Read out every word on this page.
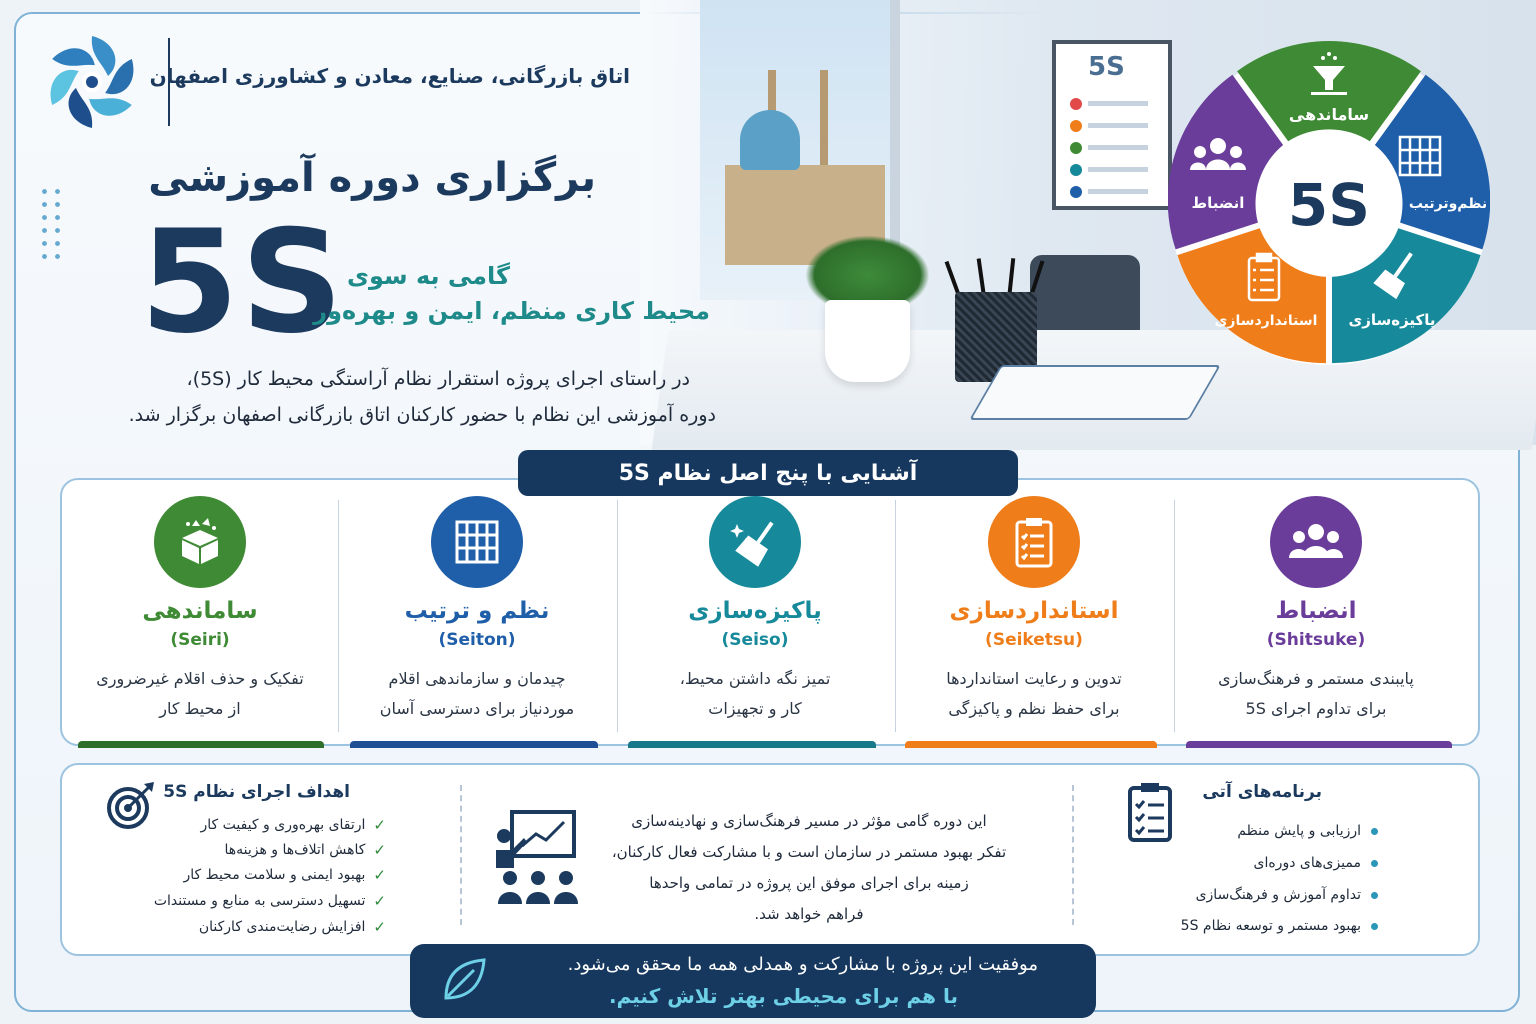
5S
اتاق بازرگانی، صنایع، معادن و کشاورزی اصفهان
برگزاری دوره آموزشی
5S گامی به سوی
محیط کاری منظم، ایمن و بهره‌ور
در راستای اجرای پروژه استقرار نظام آراستگی محیط کار (5S)،
دوره آموزشی این نظام با حضور کارکنان اتاق بازرگانی اصفهان برگزار شد.
5S
ساماندهی
نظم‌وترتیب
پاکیزه‌سازی
استانداردسازی
انضباط
آشنایی با پنج اصل نظام 5S
ساماندهی
(Seiri)
تفکیک و حذف اقلام غیرضروری
از محیط کار
نظم و ترتیب
(Seiton)
چیدمان و سازماندهی اقلام
موردنیاز برای دسترسی آسان
پاکیزه‌سازی
(Seiso)
تمیز نگه داشتن محیط،
کار و تجهیزات
استانداردسازی
(Seiketsu)
تدوین و رعایت استانداردها
برای حفظ نظم و پاکیزگی
انضباط
(Shitsuke)
پایبندی مستمر و فرهنگ‌سازی
برای تداوم اجرای 5S
اهداف اجرای نظام 5S
✓
ارتقای بهره‌وری و کیفیت کار
✓
کاهش اتلاف‌ها و هزینه‌ها
✓
بهبود ایمنی و سلامت محیط کار
✓
تسهیل دسترسی به منابع و مستندات
✓
افزایش رضایت‌مندی کارکنان
این دوره گامی مؤثر در مسیر فرهنگ‌سازی و نهادینه‌سازی
تفکر بهبود مستمر در سازمان است و با مشارکت فعال کارکنان،
زمینه برای اجرای موفق این پروژه در تمامی واحدها
فراهم خواهد شد.
برنامه‌های آتی
ارزیابی و پایش منظم
ممیزی‌های دوره‌ای
تداوم آموزش و فرهنگ‌سازی
بهبود مستمر و توسعه نظام 5S
موفقیت این پروژه با مشارکت و همدلی همه ما محقق می‌شود.
با هم برای محیطی بهتر تلاش کنیم.
